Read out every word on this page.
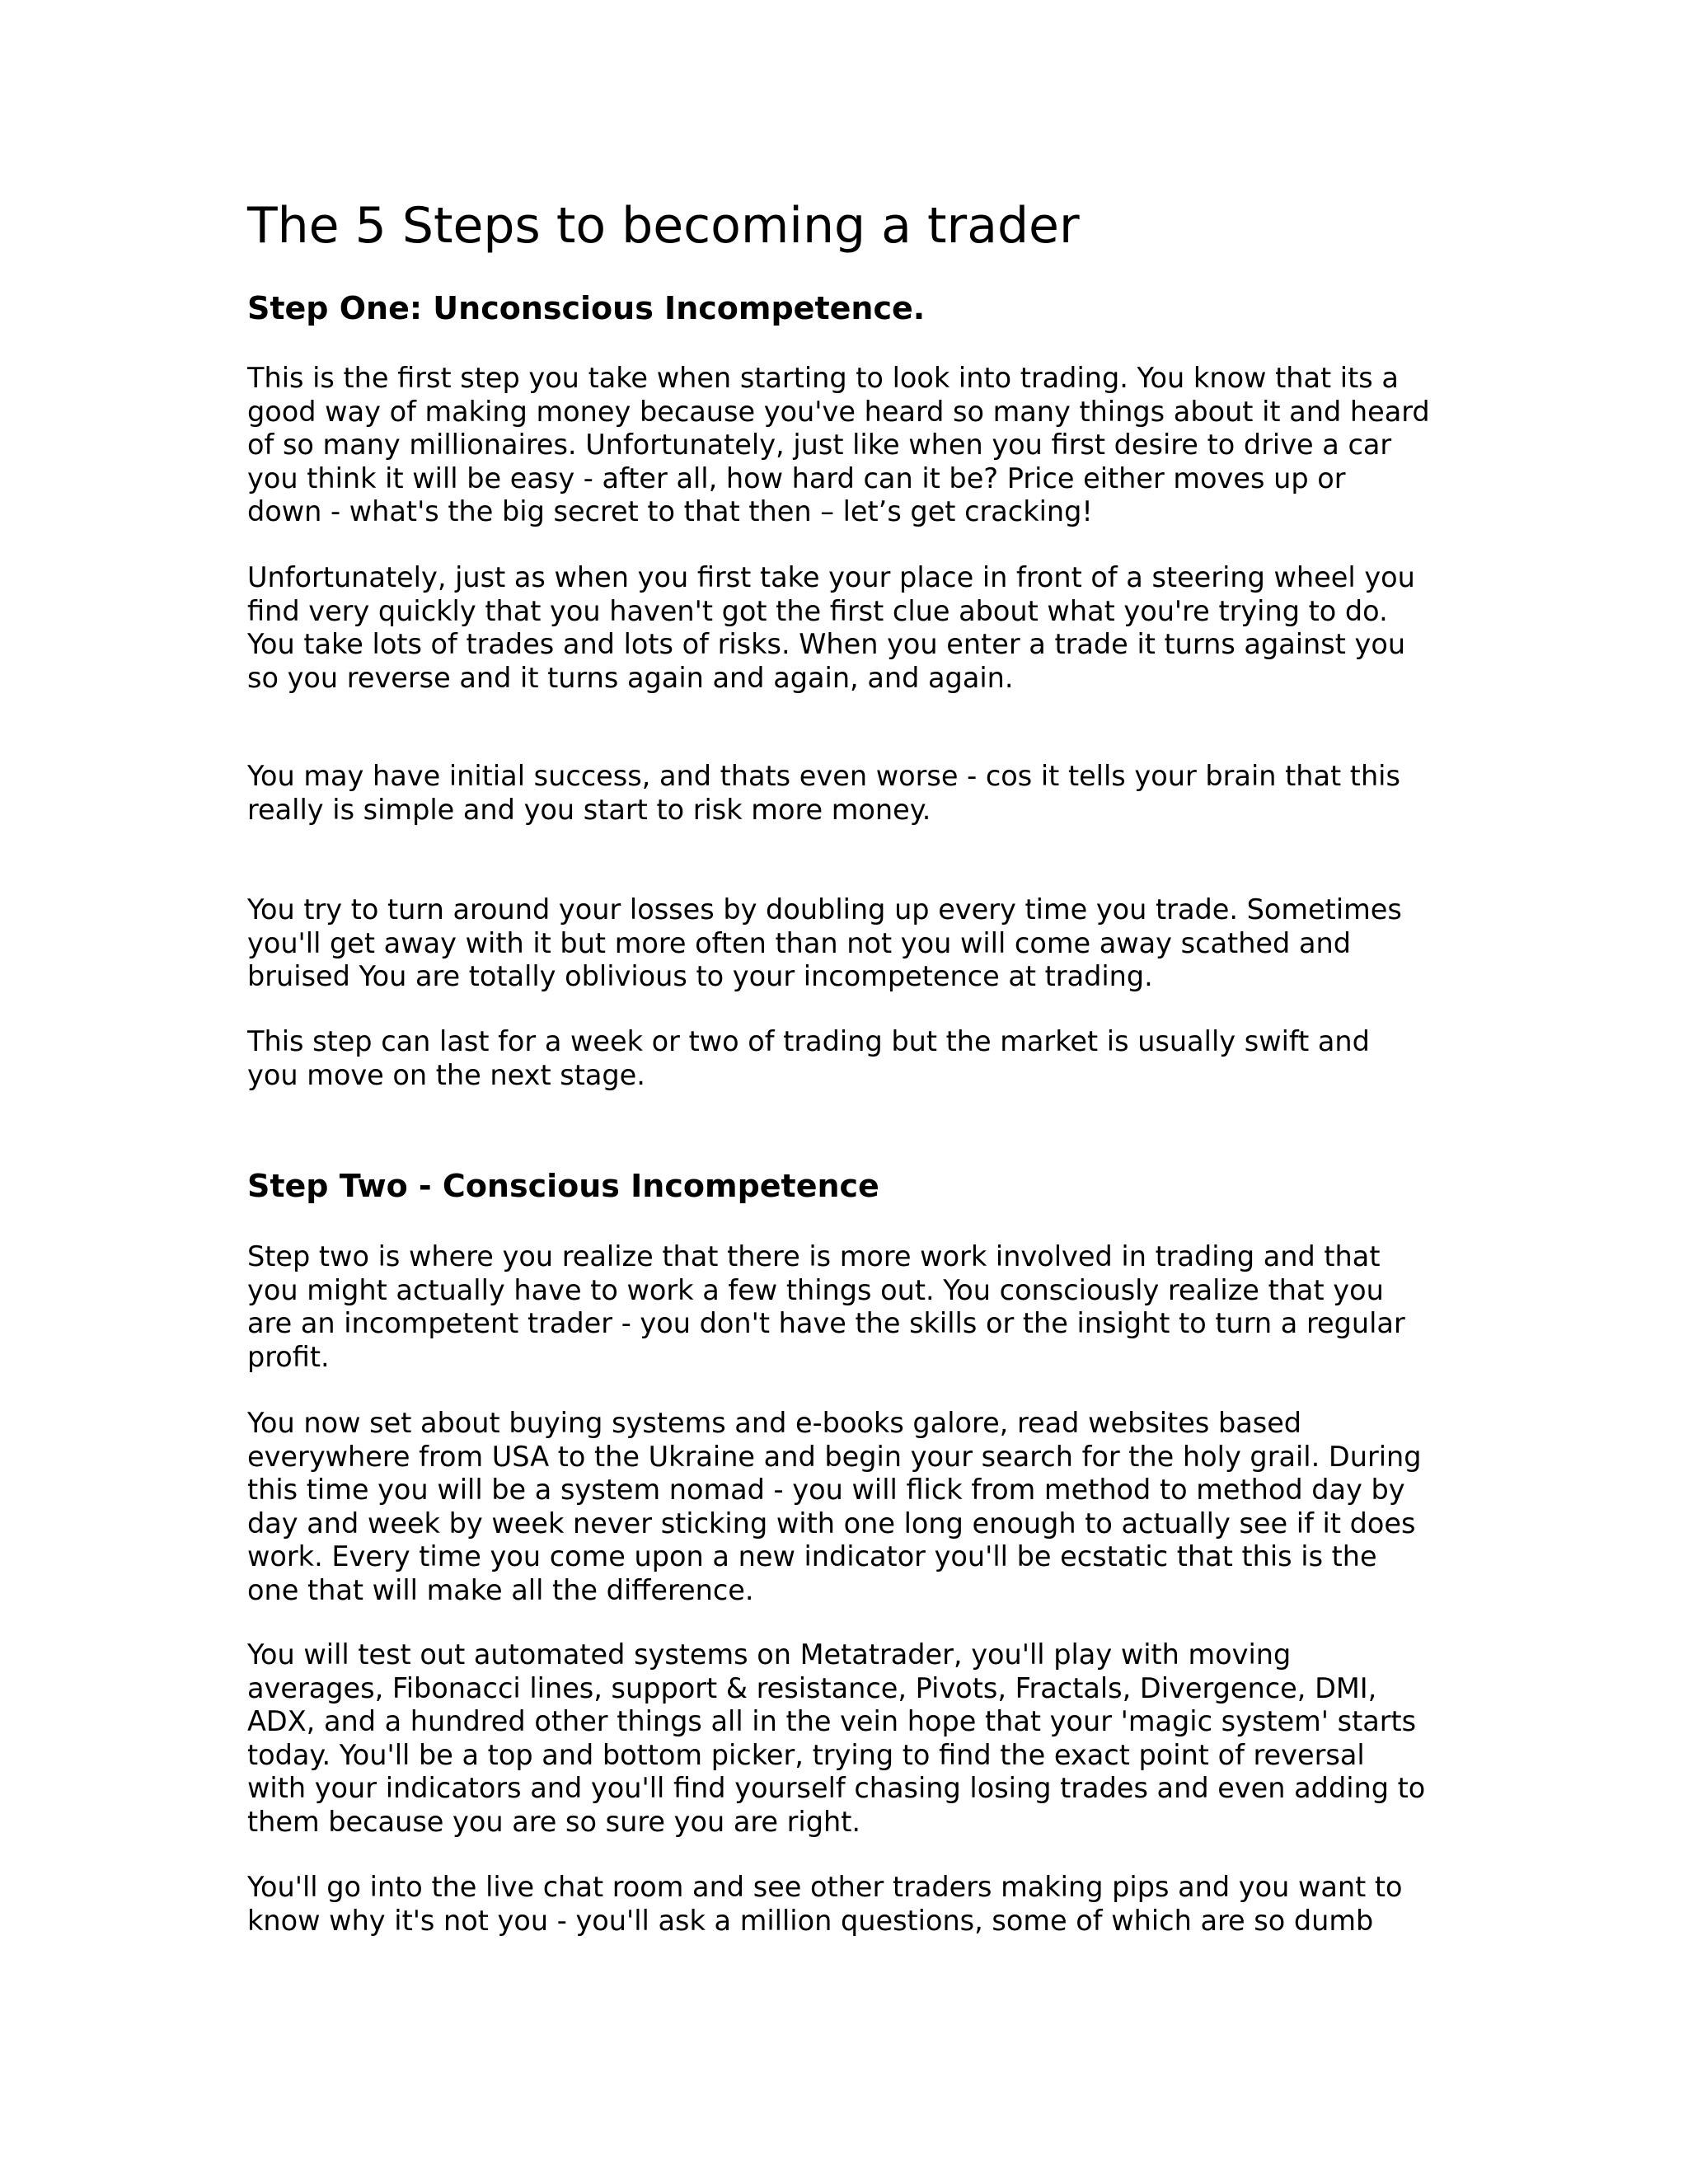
The 5 Steps to becoming a trader
Step One: Unconscious Incompetence.
This is the first step you take when starting to look into trading. You know that its a
good way of making money because you've heard so many things about it and heard
of so many millionaires. Unfortunately, just like when you first desire to drive a car
you think it will be easy - after all, how hard can it be? Price either moves up or
down - what's the big secret to that then – let’s get cracking!
Unfortunately, just as when you first take your place in front of a steering wheel you
find very quickly that you haven't got the first clue about what you're trying to do.
You take lots of trades and lots of risks. When you enter a trade it turns against you
so you reverse and it turns again and again, and again.
You may have initial success, and thats even worse - cos it tells your brain that this
really is simple and you start to risk more money.
You try to turn around your losses by doubling up every time you trade. Sometimes
you'll get away with it but more often than not you will come away scathed and
bruised You are totally oblivious to your incompetence at trading.
This step can last for a week or two of trading but the market is usually swift and
you move on the next stage.
Step Two - Conscious Incompetence
Step two is where you realize that there is more work involved in trading and that
you might actually have to work a few things out. You consciously realize that you
are an incompetent trader - you don't have the skills or the insight to turn a regular
profit.
You now set about buying systems and e-books galore, read websites based
everywhere from USA to the Ukraine and begin your search for the holy grail. During
this time you will be a system nomad - you will flick from method to method day by
day and week by week never sticking with one long enough to actually see if it does
work. Every time you come upon a new indicator you'll be ecstatic that this is the
one that will make all the difference.
You will test out automated systems on Metatrader, you'll play with moving
averages, Fibonacci lines, support & resistance, Pivots, Fractals, Divergence, DMI,
ADX, and a hundred other things all in the vein hope that your 'magic system' starts
today. You'll be a top and bottom picker, trying to find the exact point of reversal
with your indicators and you'll find yourself chasing losing trades and even adding to
them because you are so sure you are right.
You'll go into the live chat room and see other traders making pips and you want to
know why it's not you - you'll ask a million questions, some of which are so dumb
